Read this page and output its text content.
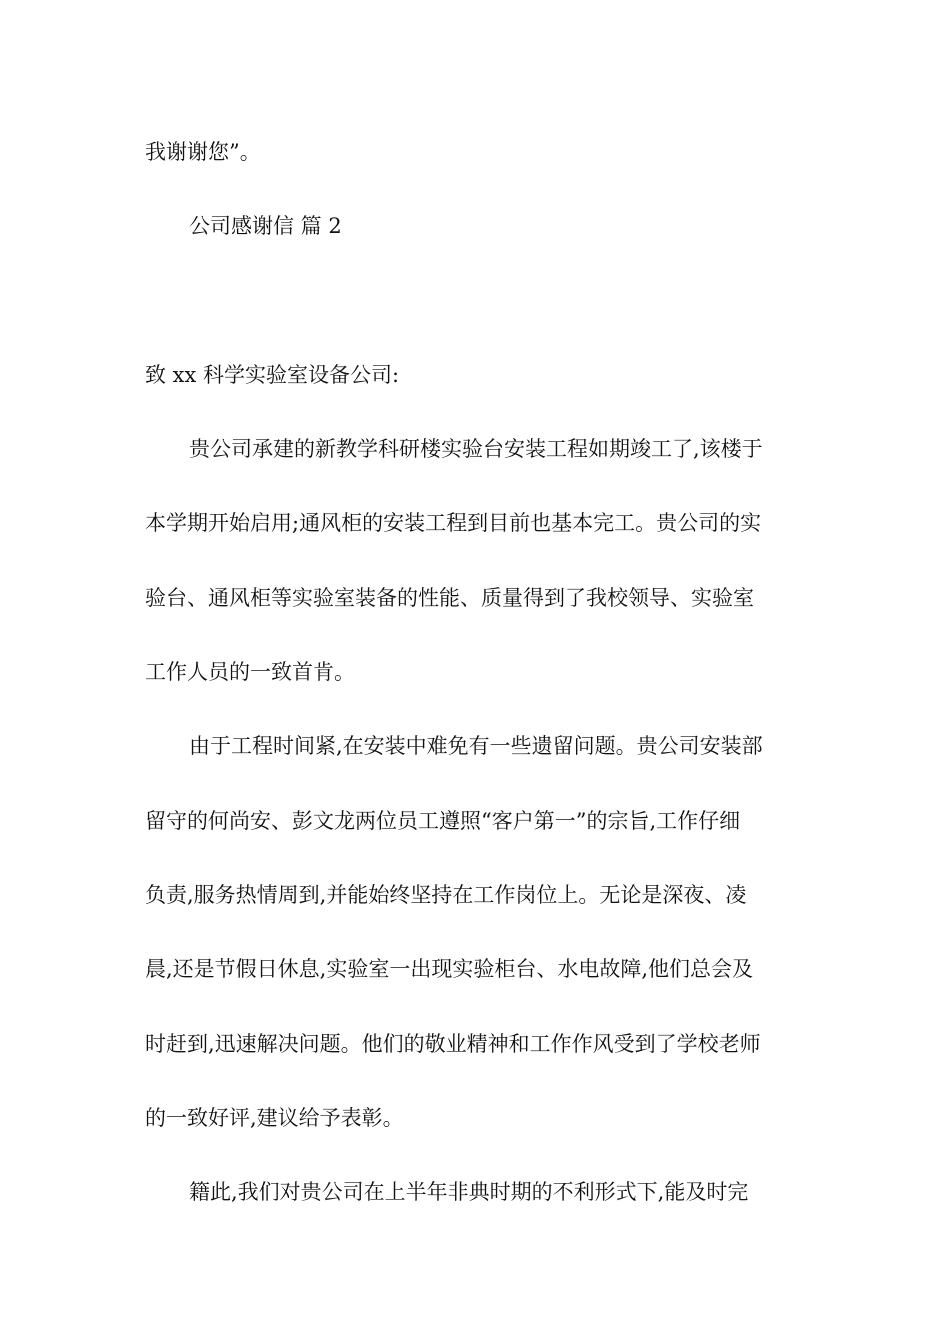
我谢谢您”。

公司感谢信 篇 2

致 xx 科学实验室设备公司:

贵公司承建的新教学科研楼实验台安装工程如期竣工了,该楼于

本学期开始启用;通风柜的安装工程到目前也基本完工。贵公司的实

验台、通风柜等实验室装备的性能、质量得到了我校领导、实验室

工作人员的一致首肯。

由于工程时间紧,在安装中难免有一些遗留问题。贵公司安装部

留守的何尚安、彭文龙两位员工遵照“客户第一”的宗旨,工作仔细

负责,服务热情周到,并能始终坚持在工作岗位上。无论是深夜、凌

晨,还是节假日休息,实验室一出现实验柜台、水电故障,他们总会及

时赶到,迅速解决问题。他们的敬业精神和工作作风受到了学校老师

的一致好评,建议给予表彰。

籍此,我们对贵公司在上半年非典时期的不利形式下,能及时完
